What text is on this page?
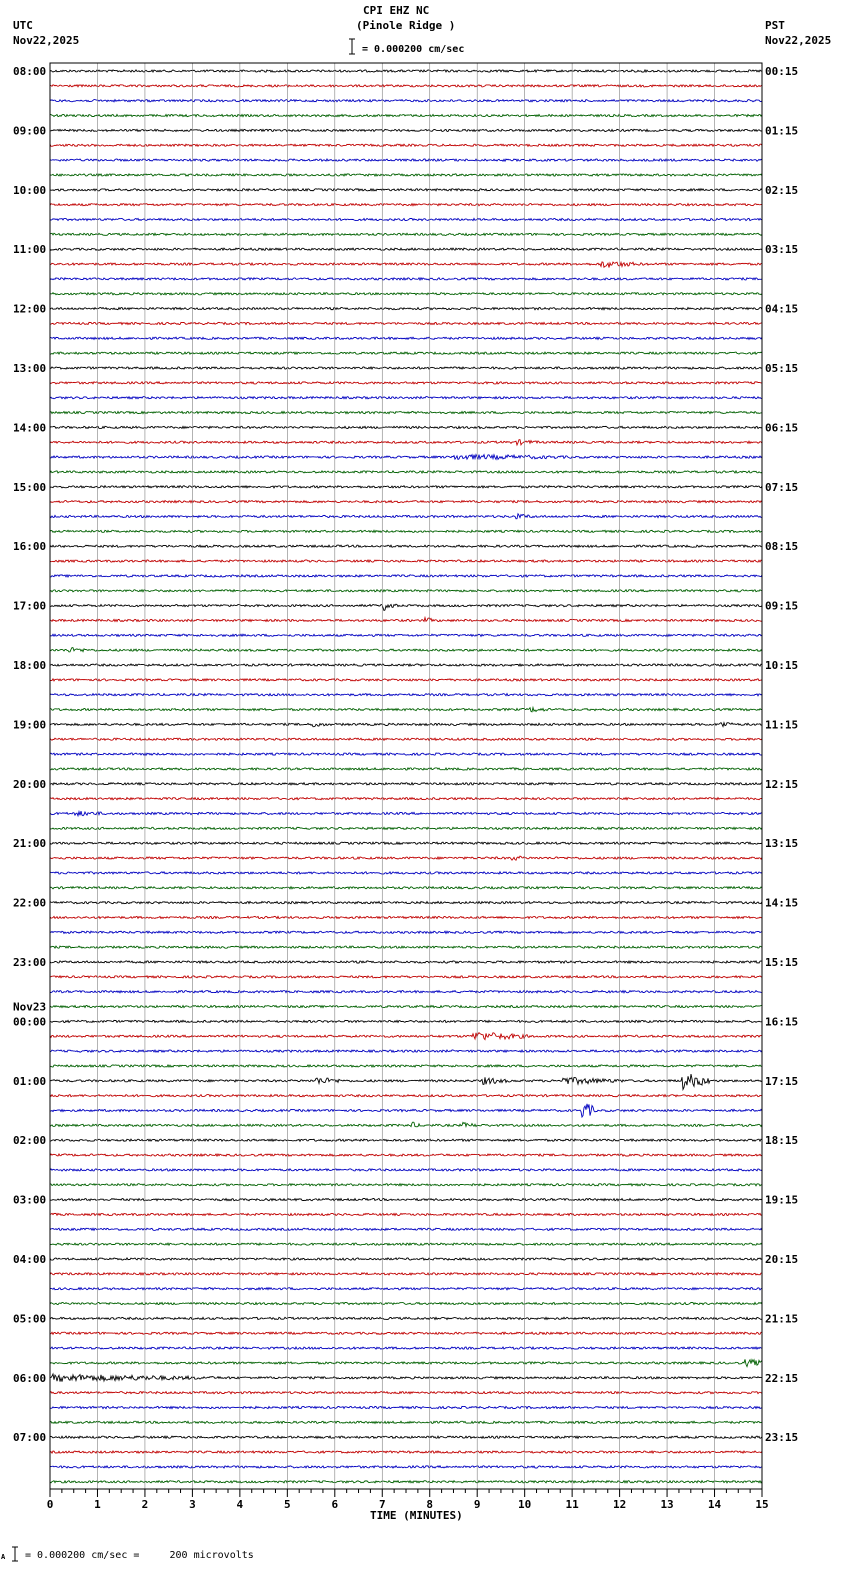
0	1	2	3	4	5	6	7	8	9	10	11	12	13	14	15
08:00
09:00
10:00
11:00
12:00
13:00
14:00
15:00
16:00
17:00
18:00
19:00
20:00
21:00
22:00
23:00
00:00
01:00
02:00
03:00
04:00
05:00
06:00
07:00
00:15
01:15
02:15
03:15
04:15
05:15
06:15
07:15
08:15
09:15
10:15
11:15
12:15
13:15
14:15
15:15
16:15
17:15
18:15
19:15
20:15
21:15
22:15
23:15
Nov23
CPI EHZ NC
(Pinole Ridge )
= 0.000200 cm/sec
UTC
Nov22,2025
PST
Nov22,2025
TIME (MINUTES)
A = 0.000200 cm/sec =     200 microvolts
